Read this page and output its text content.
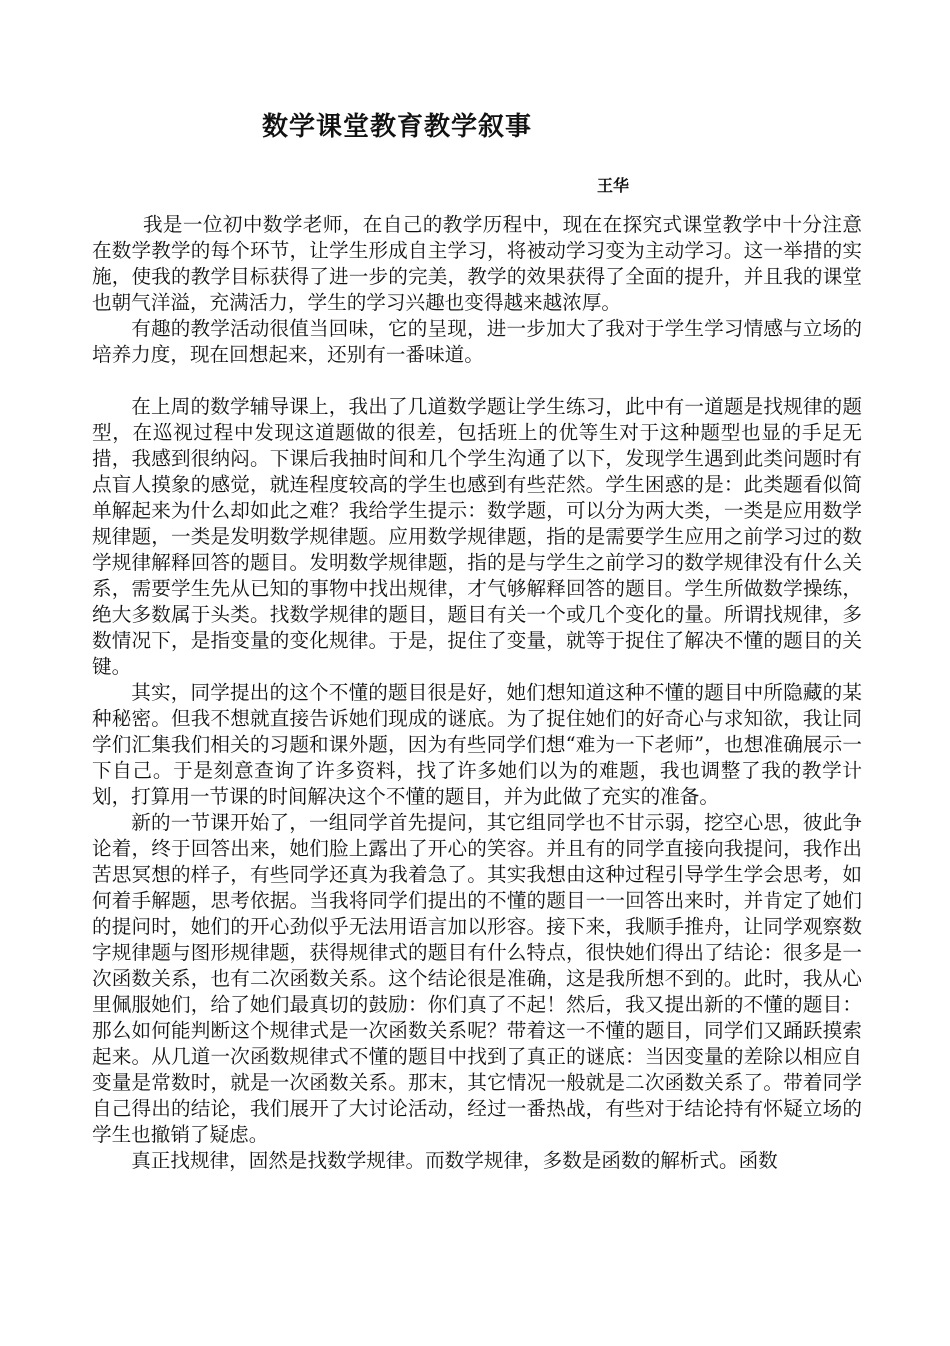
数学课堂教育教学叙事
王华

我是一位初中数学老师，在自己的教学历程中，现在在探究式课堂教学中十分注意在数学教学的每个环节，让学生形成自主学习，将被动学习变为主动学习。这一举措的实施，使我的教学目标获得了进一步的完美，教学的效果获得了全面的提升，并且我的课堂也朝气洋溢，充满活力，学生的学习兴趣也变得越来越浓厚。

有趣的教学活动很值当回味，它的呈现，进一步加大了我对于学生学习情感与立场的培养力度，现在回想起来，还别有一番味道。

在上周的数学辅导课上，我出了几道数学题让学生练习，此中有一道题是找规律的题型，在巡视过程中发现这道题做的很差，包括班上的优等生对于这种题型也显的手足无措，我感到很纳闷。下课后我抽时间和几个学生沟通了以下，发现学生遇到此类问题时有点盲人摸象的感觉，就连程度较高的学生也感到有些茫然。学生困惑的是：此类题看似简单解起来为什么却如此之难？我给学生提示：数学题，可以分为两大类，一类是应用数学规律题，一类是发明数学规律题。应用数学规律题，指的是需要学生应用之前学习过的数学规律解释回答的题目。发明数学规律题，指的是与学生之前学习的数学规律没有什么关系，需要学生先从已知的事物中找出规律，才气够解释回答的题目。学生所做数学操练，绝大多数属于头类。找数学规律的题目，题目有关一个或几个变化的量。所谓找规律，多数情况下，是指变量的变化规律。于是，捉住了变量，就等于捉住了解决不懂的题目的关键。

其实，同学提出的这个不懂的题目很是好，她们想知道这种不懂的题目中所隐藏的某种秘密。但我不想就直接告诉她们现成的谜底。为了捉住她们的好奇心与求知欲，我让同学们汇集我们相关的习题和课外题，因为有些同学们想“难为一下老师”，也想准确展示一下自己。于是刻意查询了许多资料，找了许多她们以为的难题，我也调整了我的教学计划，打算用一节课的时间解决这个不懂的题目，并为此做了充实的准备。

新的一节课开始了，一组同学首先提问，其它组同学也不甘示弱，挖空心思，彼此争论着，终于回答出来，她们脸上露出了开心的笑容。并且有的同学直接向我提问，我作出苦思冥想的样子，有些同学还真为我着急了。其实我想由这种过程引导学生学会思考，如何着手解题，思考依据。当我将同学们提出的不懂的题目一一回答出来时，并肯定了她们的提问时，她们的开心劲似乎无法用语言加以形容。接下来，我顺手推舟，让同学观察数字规律题与图形规律题，获得规律式的题目有什么特点，很快她们得出了结论：很多是一次函数关系，也有二次函数关系。这个结论很是准确，这是我所想不到的。此时，我从心里佩服她们，给了她们最真切的鼓励：你们真了不起！然后，我又提出新的不懂的题目：那么如何能判断这个规律式是一次函数关系呢？带着这一不懂的题目，同学们又踊跃摸索起来。从几道一次函数规律式不懂的题目中找到了真正的谜底：当因变量的差除以相应自变量是常数时，就是一次函数关系。那末，其它情况一般就是二次函数关系了。带着同学自己得出的结论，我们展开了大讨论活动，经过一番热战，有些对于结论持有怀疑立场的学生也撤销了疑虑。

真正找规律，固然是找数学规律。而数学规律，多数是函数的解析式。函数
